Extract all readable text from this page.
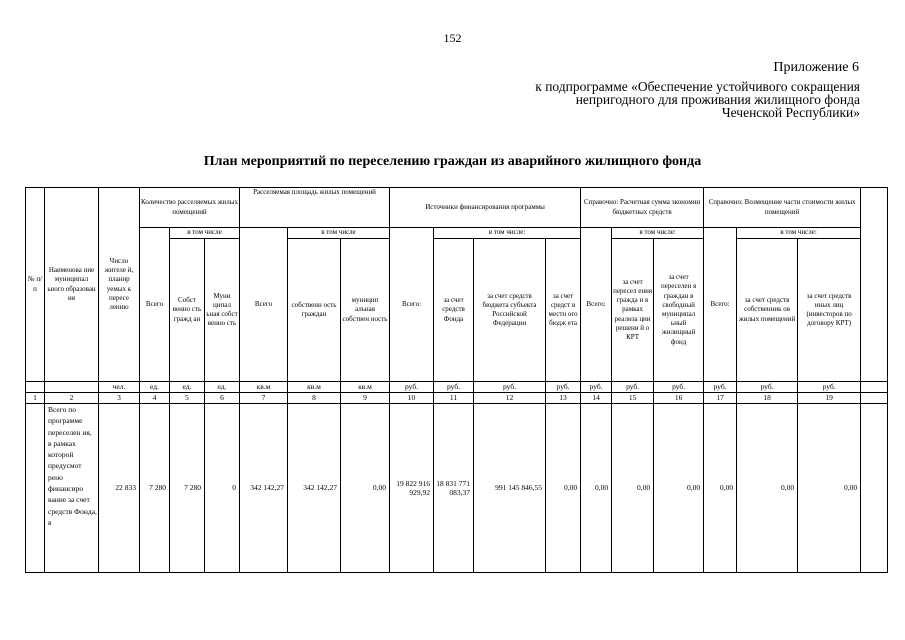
152
Приложение 6
к подпрограмме «Обеспечение устойчивого сокращения непригодного для проживания жилищного фонда Чеченской Республики»
План мероприятий по переселению граждан из аварийного жилищного фонда
№ п/ п	Наименова ние муниципал ьного образован ия	Число жителе й, планир уемых к пересе лению	Количество расселяемых жилых помещений			Расселяемая площадь жилых помещений			Источники финансирования программы				Справочно: Расчетная сумма экономии бюджетных средств			Справочно: Возмещение части стоимости жилых помещений			
			Всего	в том числе		Всего	в том числе		Всего:	в том числе:			Всего:	в том числе:		Всего:	в том числе:		
				Собст венно сть гражд ан	Муни ципал ьная собст венно сть		собственн ость граждан	муницип альная собствен ность		за счет средств Фонда	за счет средств бюджета субъекта Российской Федерации	за счет средст в местн ого бюдж ета		за счет пересел ения гражда н в рамках реализа ции решени й о КРТ	за счет переселен я граждан в свободный муниципал ьный жилищный фонд		за счет средств собственник ов жилых помещений	за счет средств иных лиц (инвесторов по договору КРТ)	
		чел.	ед.	ед.	ед.	кв.м	кв.м	кв.м	руб.	руб.	руб.	руб.	руб.	руб.	руб.	руб.	руб.	руб.	
1	2	3	4	5	6	7	8	9	10	11	12	13	14	15	16	17	18	19	
	Всего по программе переселен ия, в рамках которой предусмот рено финансиро вание за счет средств Фонда, в	22 833	7 280	7 280	0	342 142,27	342 142,27	0,00	19 822 916 929,92	18 831 771 083,37	991 145 846,55	0,00	0,00	0,00	0,00	0,00	0,00	0,00	
